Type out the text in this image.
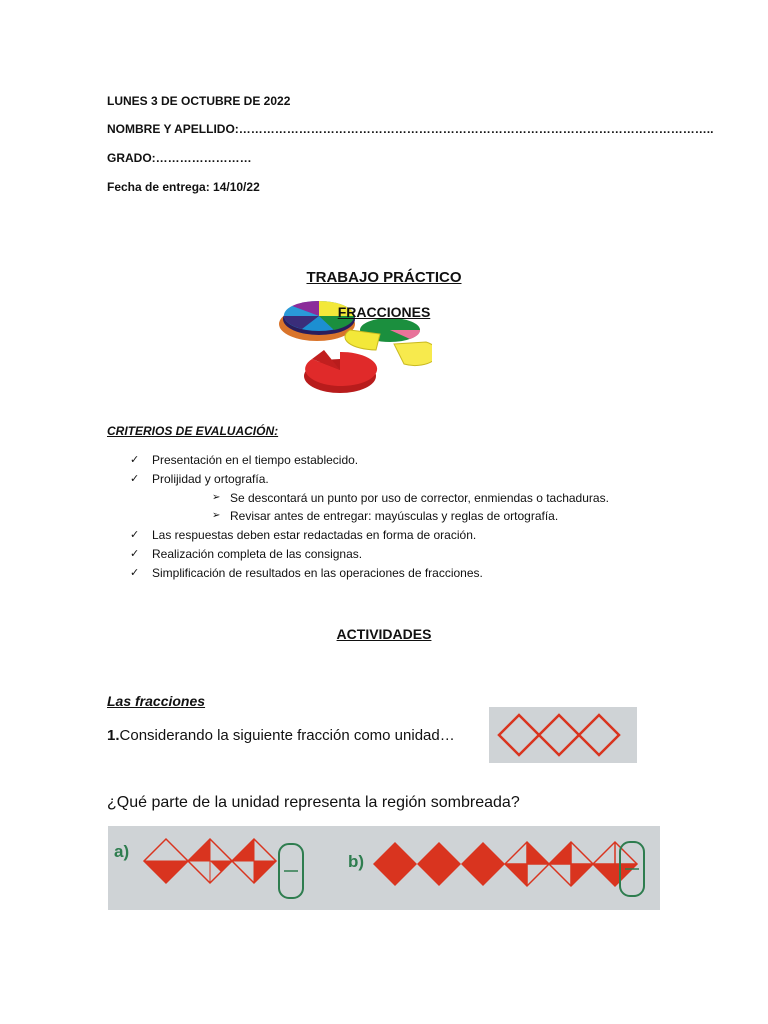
LUNES 3 DE OCTUBRE DE 2022
NOMBRE Y APELLIDO:………………………………………………………………………………………………………..
GRADO:……………………
Fecha de entrega: 14/10/22
TRABAJO PRÁCTICO
FRACCIONES
CRITERIOS DE EVALUACIÓN:
✓ Presentación en el tiempo establecido.
✓ Prolijidad y ortografía.
➢ Se descontará un punto por uso de corrector, enmiendas o tachaduras.
➢ Revisar antes de entregar: mayúsculas y reglas de ortografía.
✓ Las respuestas deben estar redactadas en forma de oración.
✓ Realización completa de las consignas.
✓ Simplificación de resultados en las operaciones de fracciones.
ACTIVIDADES
Las fracciones
1.Considerando la siguiente fracción como unidad…
¿Qué parte de la unidad representa la región sombreada?
a)
b)
